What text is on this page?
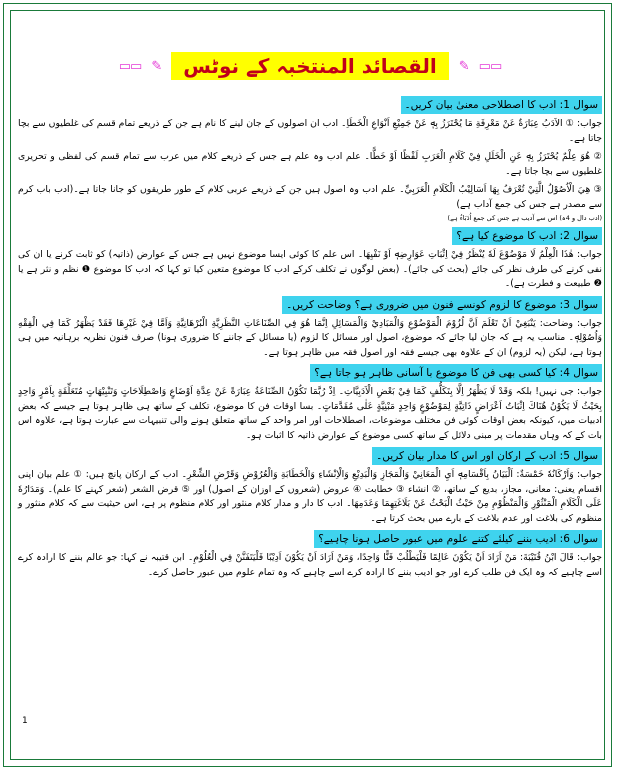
▭▭ ✎	القصائد المنتخبہ کے نوٹس	✎ ▭▭
سوال 1: ادب کا اصطلاحی معنیٰ بیان کریں۔

جواب: ① الاَدَبُ عِبَارَةٌ عَنْ مَعْرِفَةِ مَا يُحْتَرَزُ بِهٖ عَنْ جَمِيْعِ اَنْوَاعِ الْخَطَاِ۔ ادب ان اصولوں کے جان لینے کا نام ہے جن کے ذریعے تمام قسم کی غلطیوں سے بچا جاتا ہے۔

② هُوَ عِلْمٌ يُحْتَرَزُ بِهٖ عَنِ الْخَلَلِ فِيْ كَلَامِ الْعَرَبِ لَفْظًا اَوْ خَطًّا۔ علم ادب وہ علم ہے جس کے ذریعے کلام میں عرب سے تمام قسم کی لفظی و تحریری غلطیوں سے بچا جاتا ہے۔

③ هِيَ الْاُصُوْلُ الَّتِيْ تُعْرَفُ بِهَا اَسَالِيْبُ الْكَلَامِ الْعَرَبِيِّ۔ علم ادب وہ اصول ہیں جن کے ذریعے عربی کلام کے طور طریقوں کو جانا جاتا ہے۔(ادب باب کرم سے مصدر ہے جس کی جمع آداب ہے)

(ادب دال و 4ہ) اس سے آدیب ہے جس کی جمع اُدَبَاءُ ہے)

سوال 2: ادب کا موضوع کیا ہے؟

جواب: هٰذَا الْعِلْمُ لَا مَوْضُوْعَ لَهٗ يُنْظَرُ فِيْ اِثْبَاتِ عَوَارِضِهٖ اَوْ نَفْيِهَا۔ اس علم کا کوئی ایسا موضوع نہیں ہے جس کے عوارض (ذاتیہ) کو ثابت کرنے یا ان کی نفی کرنے کی طرف نظر کی جائے (بحث کی جائے)۔ (بعض لوگوں نے تکلف کرکے ادب کا موضوع متعین کیا تو کہا کہ ادب کا موضوع ❶ نظم و نثر ہے یا ❷ طبیعت و فطرت ہے)۔

سوال 3: موضوع کا لزوم کونسے فنون میں ضروری ہے؟ وضاحت کریں۔

جواب: وضاحت: يَنْبَغِيْ اَنْ تَعْلَمَ اَنَّ لُزُوْمَ الْمَوْضُوْعِ وَالْمَبَادِيْ وَالْمَسَائِلِ اِنَّمَا هُوَ فِي الصِّنَاعَاتِ النَّظَرِيَّةِ الْبُرْهَانِيَّةِ وَاَمَّا فِيْ غَيْرِهَا فَقَدْ يَظْهَرُ كَمَا فِي الْفِقْهِ وَاُصُوْلِهٖ۔ مناسب یہ ہے کہ جان لیا جائے کہ موضوع، اصول اور مسائل کا لزوم (یا مسائل کے جاننے کا ضروری ہونا) صرف فنون نظریہ برہانیہ میں ہی ہوتا ہے، لیکن (یہ لزوم) ان کے علاوہ بھی جیسے فقہ اور اصول فقہ میں ظاہر ہوتا ہے۔

سوال 4: کیا کسی بھی فن کا موضوع با آسانی ظاہر ہو جاتا ہے؟

جواب: جی نہیں! بلکہ وَقَدْ لَا يَظْهَرُ اِلَّا بِتَكَلُّفٍ كَمَا فِيْ بَعْضِ الْاَدَبِيَّاتِ۔ اِذْ رُبَّمَا تَكُوْنُ الصِّنَاعَةُ عِبَارَةً عَنْ عِدَّةِ اَوْضَاعٍ وَاصْطِلَاحَاتٍ وَتَنْبِيْهَاتٍ مُتَعَلِّقَةٍ بِاَمْرٍ وَاحِدٍ بِحَيْثُ لَا يَكُوْنُ هُنَاكَ اِثْبَاتُ اَعْرَاضٍ ذَاتِيَّةٍ لِمَوْضُوْعٍ وَاحِدٍ مَبْنِيَّةٍ عَلٰى مُقَدَّمَاتٍ۔ بسا اوقات فن کا موضوع، تکلف کے ساتھ ہی ظاہر ہوتا ہے جیسے کہ بعض ادبیات میں، کیونکہ بعض اوقات کوئی فن مختلف موضوعات، اصطلاحات اور امر واحد کے ساتھ متعلق ہونے والی تنبیہات سے عبارت ہوتا ہے، علاوہ اس بات کے کہ وہاں مقدمات پر مبنی دلائل کے ساتھ کسی موضوع کے عوارض ذاتیہ کا اثبات ہو۔

سوال 5: ادب کے ارکان اور اس کا مدار بیان کریں۔

جواب: وَاَرْكَانُهٗ خَمْسَةٌ: اَلْبَيَانُ بِاَقْسَامِهٖ اَيِ الْمَعَانِيْ وَالْمَجَازِ وَالْبَدِيْعِ وَالْاِنْشَاءِ وَالْخَطَابَةِ وَالْعُرُوْضِ وَقَرْضِ الشِّعْرِ۔ ادب کے ارکان پانچ ہیں: ① علم بیان اپنی اقسام یعنی: معانی، مجاز، بدیع کے ساتھ، ② انشاء ③ خطابت ④ عروض (شعروں کے اوزان کے اصول) اور ⑤ قرض الشعر (شعر کہنے کا علم)۔ وَمَدَارُهٗ عَلَى الْكَلَامِ الْمَنْثُوْرِ وَالْمَنْظُوْمِ مِنْ حَيْثُ الْبَحْثُ عَنْ بَلَاغَتِهِمَا وَعَدَمِهَا۔ ادب کا دار و مدار کلام منثور اور کلام منظوم پر ہے، اس حیثیت سے کہ کلام منثور و منظوم کی بلاغت اور عدم بلاغت کے بارے میں بحث کرتا ہے۔

سوال 6: ادیب بننے کیلئے کتنے علوم میں عبور حاصل ہونا چاہیے؟

جواب: قَالَ ابْنُ قُتَيْبَةَ: مَنْ اَرَادَ اَنْ يَكُوْنَ عَالِمًا فَلْيَطْلُبْ فَنًّا وَاحِدًا، وَمَنْ اَرَادَ اَنْ يَكُوْنَ اَدِيْبًا فَلْيَتَفَنَّنْ فِي الْعُلُوْمِ۔ ابن قتیبہ نے کہا: جو عالم بننے کا ارادہ کرے اسے چاہیے کہ وہ ایک فن طلب کرے اور جو ادیب بننے کا ارادہ کرے اسے چاہیے کہ وہ تمام علوم میں عبور حاصل کرے۔

1
